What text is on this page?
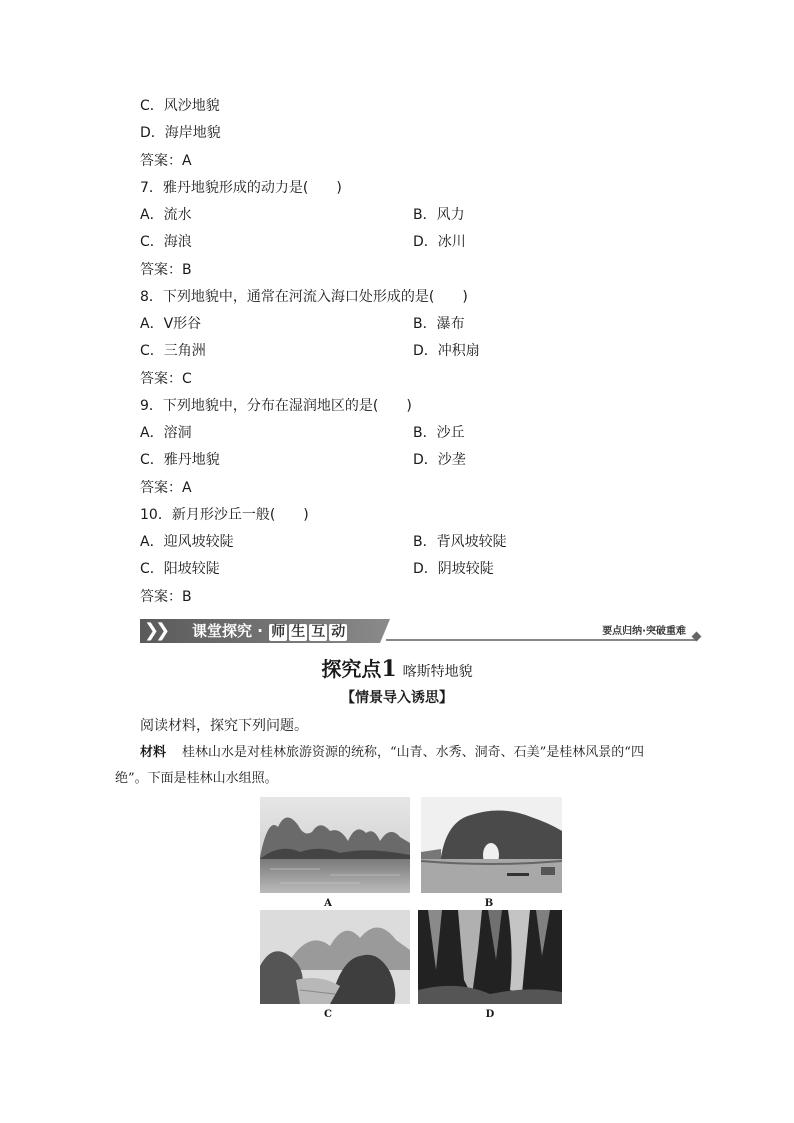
C．风沙地貌
D．海岸地貌
答案：A
7．雅丹地貌形成的动力是(　　)
A．流水	B．风力
C．海浪	D．冰川
答案：B
8．下列地貌中，通常在河流入海口处形成的是(　　)
A．V形谷	B．瀑布
C．三角洲	D．冲积扇
答案：C
9．下列地貌中，分布在湿润地区的是(　　)
A．溶洞	B．沙丘
C．雅丹地貌	D．沙垄
答案：A
10．新月形沙丘一般(　　)
A．迎风坡较陡	B．背风坡较陡
C．阳坡较陡	D．阴坡较陡
答案：B
❯❯ 课堂探究 · 师 生 互 动	要点归纳·突破重难
探究点1 喀斯特地貌
【情景导入诱思】
阅读材料，探究下列问题。
材料 桂林山水是对桂林旅游资源的统称，“山青、水秀、洞奇、石美”是桂林风景的“四
绝”。下面是桂林山水组照。
A	B
C	D
